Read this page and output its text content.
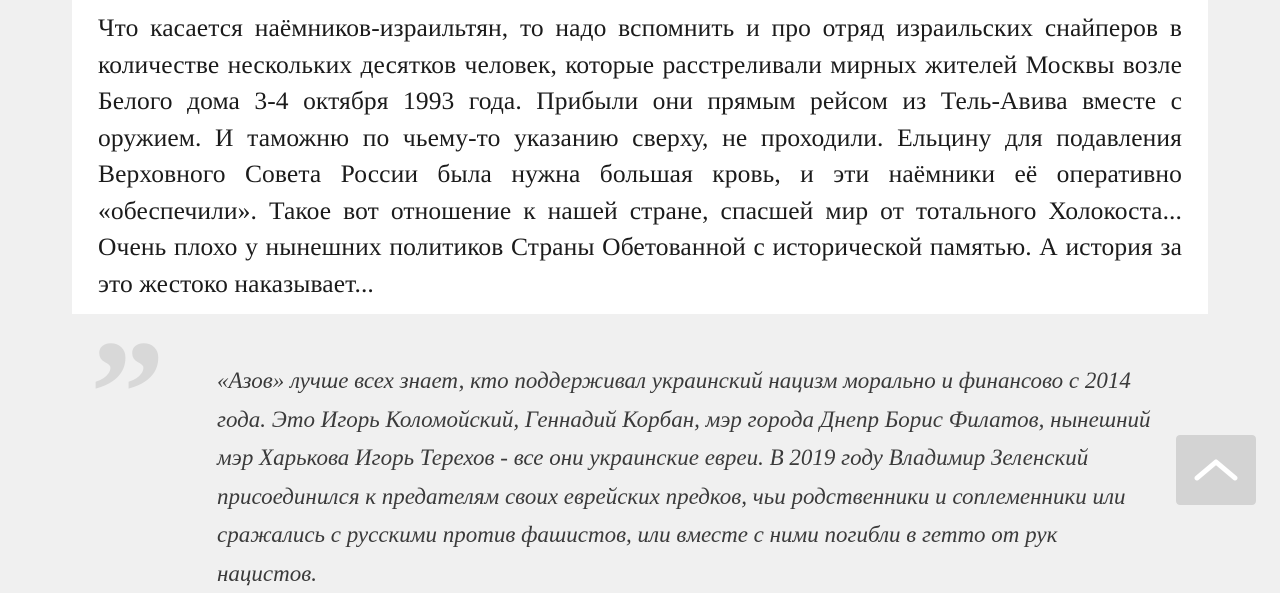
Что касается наёмников-израильтян, то надо вспомнить и про отряд израильских снайперов в количестве нескольких десятков человек, которые расстреливали мирных жителей Москвы возле Белого дома 3-4 октября 1993 года. Прибыли они прямым рейсом из Тель-Авива вместе с оружием. И таможню по чьему-то указанию сверху, не проходили. Ельцину для подавления Верховного Совета России была нужна большая кровь, и эти наёмники её оперативно «обеспечили». Такое вот отношение к нашей стране, спасшей мир от тотального Холокоста... Очень плохо у нынешних политиков Страны Обетованной с исторической памятью. А история за это жестоко наказывает...

” «Азов» лучше всех знает, кто поддерживал украинский нацизм морально и финансово с 2014 года. Это Игорь Коломойский, Геннадий Корбан, мэр города Днепр Борис Филатов, нынешний мэр Харькова Игорь Терехов - все они украинские евреи. В 2019 году Владимир Зеленский присоединился к предателям своих еврейских предков, чьи родственники и соплеменники или сражались с русскими против фашистов, или вместе с ними погибли в гетто от рук нацистов.
